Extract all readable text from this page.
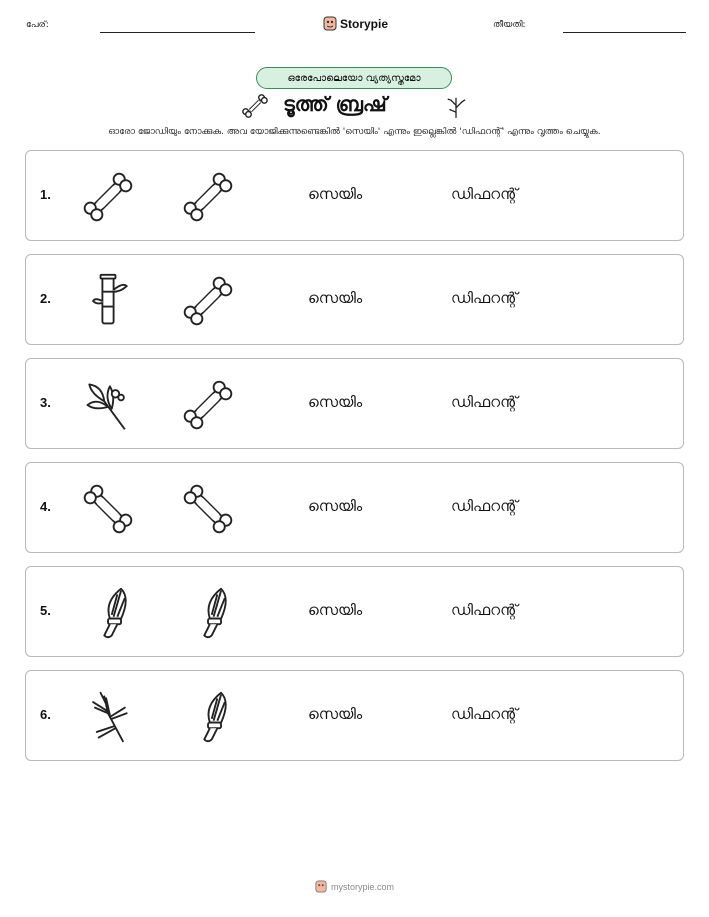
പേര്:	Storypie	തീയതി:
ഒരേപോലെയോ വ്യത്യസ്തമോ
ടൂത്ത് ബ്രഷ്
ഓരോ ജോഡിയും നോക്കുക. അവ യോജിക്കുന്നുണ്ടെങ്കിൽ 'സെയിം' എന്നും ഇല്ലെങ്കിൽ 'ഡിഫറന്റ്' എന്നും വൃത്തം ചെയ്യുക.
1.	സെയിം	ഡിഫറന്റ്
2.	സെയിം	ഡിഫറന്റ്
3.	സെയിം	ഡിഫറന്റ്
4.	സെയിം	ഡിഫറന്റ്
5.	സെയിം	ഡിഫറന്റ്
6.	സെയിം	ഡിഫറന്റ്
mystorypie.com
